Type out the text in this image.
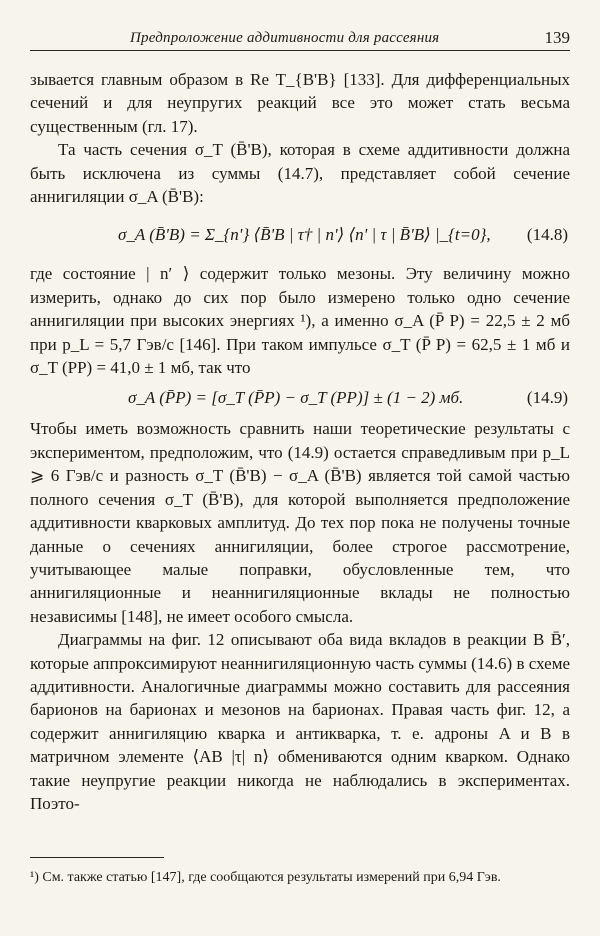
Предпроложение аддитивности для рассеяния	139

зывается главным образом в Re T_{B'B} [133]. Для дифференциальных сечений и для неупругих реакций все это может стать весьма существенным (гл. 17).

Та часть сечения σ_T (B̄'B), которая в схеме аддитивности должна быть исключена из суммы (14.7), представляет собой сечение аннигиляции σ_A (B̄'B):

σ_A (B̄'B) = Σ_{n'} ⟨B̄'B | τ† | n'⟩ ⟨n' | τ | B̄'B⟩ |_{t=0}, (14.8)

где состояние | n′ ⟩ содержит только мезоны. Эту величину можно измерить, однако до сих пор было измерено только одно сечение аннигиляции при высоких энергиях ¹), а именно σ_A (P̄ P) = 22,5 ± 2 мб при p_L = 5,7 Гэв/с [146]. При таком импульсе σ_T (P̄ P) = 62,5 ± 1 мб и σ_T (PP) = 41,0 ± 1 мб, так что

σ_A (P̄P) = [σ_T (P̄P) − σ_T (PP)] ± (1 − 2) мб.	(14.9)

Чтобы иметь возможность сравнить наши теоретические результаты с экспериментом, предположим, что (14.9) остается справедливым при p_L ⩾ 6 Гэв/с и разность σ_T (B̄'B) − σ_A (B̄'B) является той самой частью полного сечения σ_T (B̄'B), для которой выполняется предположение аддитивности кварковых амплитуд. До тех пор пока не получены точные данные о сечениях аннигиляции, более строгое рассмотрение, учитывающее малые поправки, обусловленные тем, что аннигиляционные и неаннигиляционные вклады не полностью независимы [148], не имеет особого смысла.

Диаграммы на фиг. 12 описывают оба вида вкладов в реакции B B̄′, которые аппроксимируют неаннигиляционную часть суммы (14.6) в схеме аддитивности. Аналогичные диаграммы можно составить для рассеяния барионов на барионах и мезонов на барионах. Правая часть фиг. 12, а содержит аннигиляцию кварка и антикварка, т. е. адроны A и B в матричном элементе ⟨AB |τ| n⟩ обмениваются одним кварком. Однако такие неупругие реакции никогда не наблюдались в экспериментах. Поэто-

¹) См. также статью [147], где сообщаются результаты измерений при 6,94 Гэв.
